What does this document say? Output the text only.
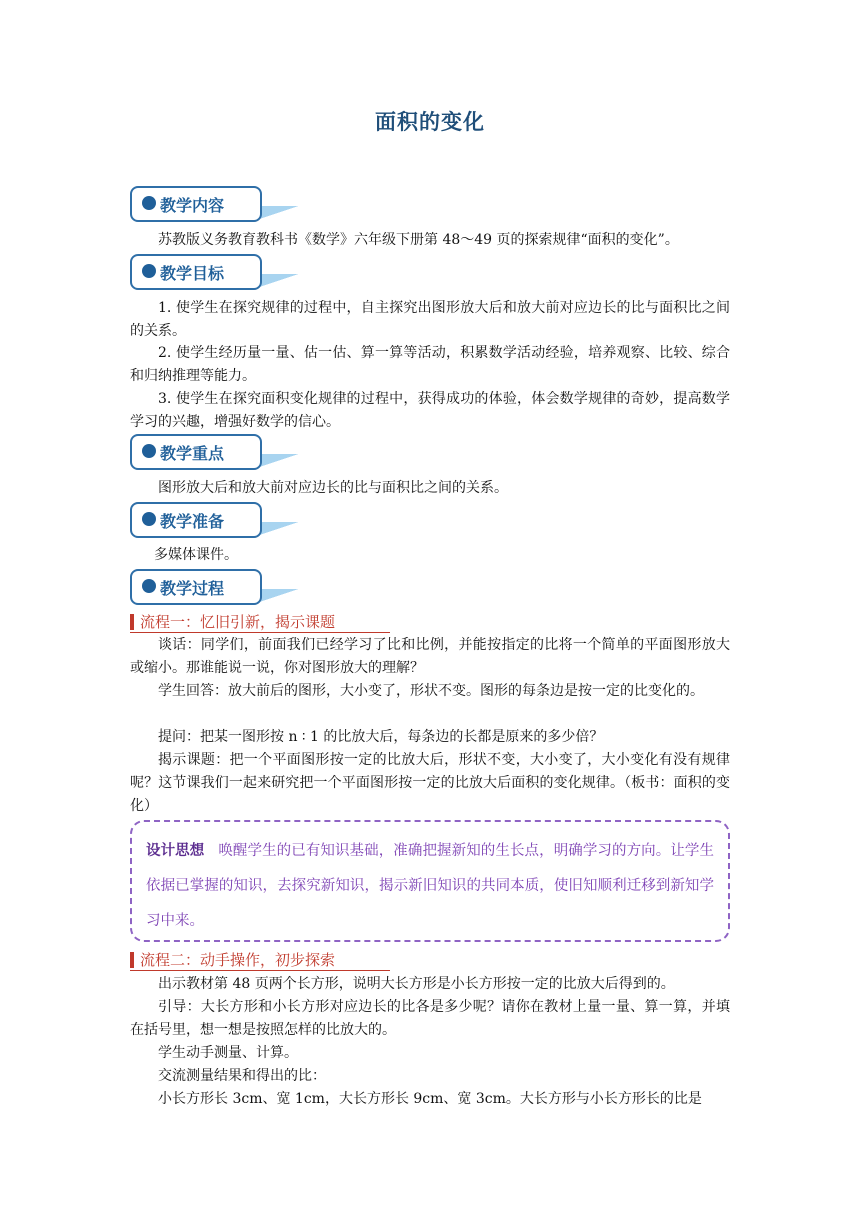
面积的变化
教学内容
苏教版义务教育教科书《数学》六年级下册第 48～49 页的探索规律“面积的变化”。
教学目标
1. 使学生在探究规律的过程中，自主探究出图形放大后和放大前对应边长的比与面积比之间的关系。
2. 使学生经历量一量、估一估、算一算等活动，积累数学活动经验，培养观察、比较、综合和归纳推理等能力。
3. 使学生在探究面积变化规律的过程中，获得成功的体验，体会数学规律的奇妙，提高数学学习的兴趣，增强好数学的信心。
教学重点
图形放大后和放大前对应边长的比与面积比之间的关系。
教学准备
多媒体课件。
教学过程
流程一：忆旧引新，揭示课题
谈话：同学们，前面我们已经学习了比和比例，并能按指定的比将一个简单的平面图形放大或缩小。那谁能说一说，你对图形放大的理解？
学生回答：放大前后的图形，大小变了，形状不变。图形的每条边是按一定的比变化的。
提问：把某一图形按 n ∶ 1 的比放大后，每条边的长都是原来的多少倍？
揭示课题：把一个平面图形按一定的比放大后，形状不变，大小变了，大小变化有没有规律呢？这节课我们一起来研究把一个平面图形按一定的比放大后面积的变化规律。（板书：面积的变化）
设计思想 唤醒学生的已有知识基础，准确把握新知的生长点，明确学习的方向。让学生依据已掌握的知识，去探究新知识，揭示新旧知识的共同本质，使旧知顺利迁移到新知学习中来。
流程二：动手操作，初步探索
出示教材第 48 页两个长方形，说明大长方形是小长方形按一定的比放大后得到的。
引导：大长方形和小长方形对应边长的比各是多少呢？请你在教材上量一量、算一算，并填在括号里，想一想是按照怎样的比放大的。
学生动手测量、计算。
交流测量结果和得出的比：
小长方形长 3cm、宽 1cm，大长方形长 9cm、宽 3cm。大长方形与小长方形长的比是
